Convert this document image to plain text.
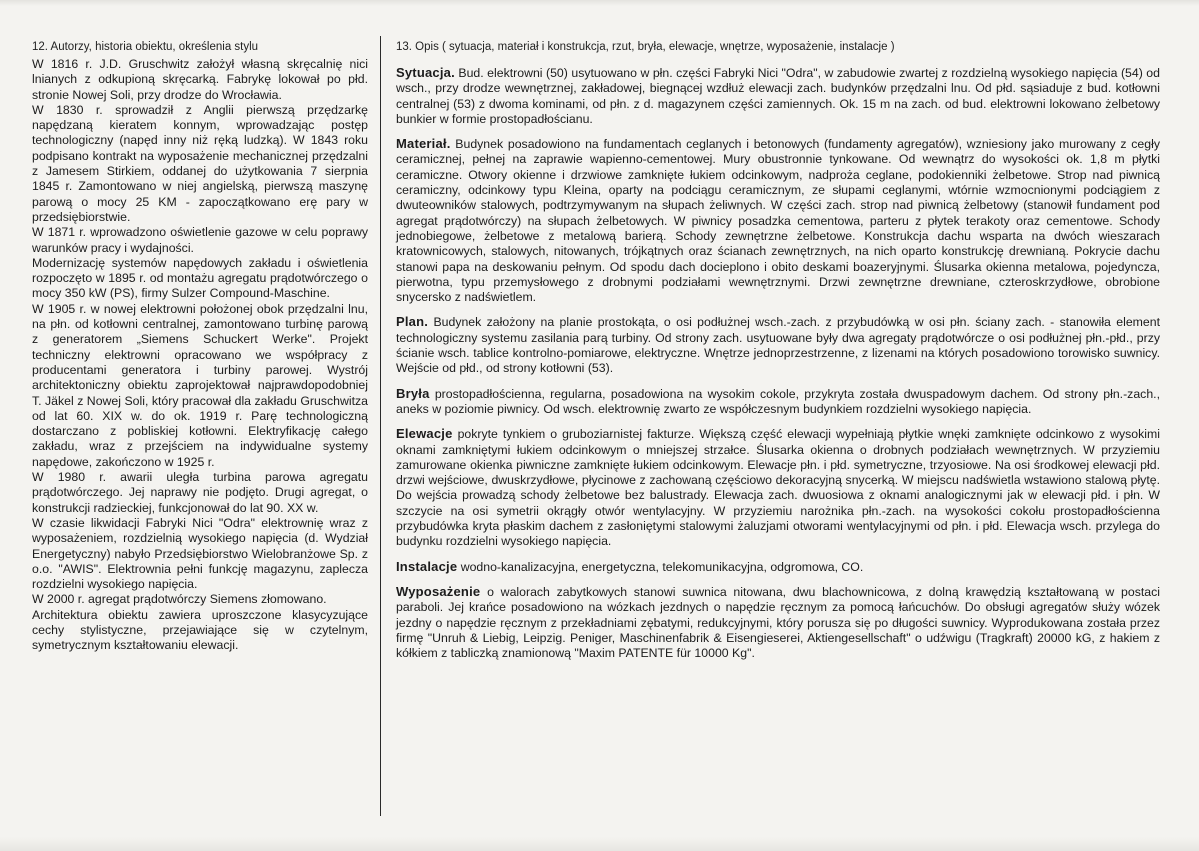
12. Autorzy, historia obiektu, określenia stylu

W 1816 r. J.D. Gruschwitz założył własną skręcalnię nici lnianych z odkupioną skręcarką. Fabrykę lokował po płd. stronie Nowej Soli, przy drodze do Wrocławia.

W 1830 r. sprowadził z Anglii pierwszą przędzarkę napędzaną kieratem konnym, wprowadzając postęp technologiczny (napęd inny niż ręką ludzką). W 1843 roku podpisano kontrakt na wyposażenie mechanicznej przędzalni z Jamesem Stirkiem, oddanej do użytkowania 7 sierpnia 1845 r. Zamontowano w niej angielską, pierwszą maszynę parową o mocy 25 KM - zapoczątkowano erę pary w przedsiębiorstwie.

W 1871 r. wprowadzono oświetlenie gazowe w celu poprawy warunków pracy i wydajności.

Modernizację systemów napędowych zakładu i oświetlenia rozpoczęto w 1895 r. od montażu agregatu prądotwórczego o mocy 350 kW (PS), firmy Sulzer Compound-Maschine.

W 1905 r. w nowej elektrowni położonej obok przędzalni lnu, na płn. od kotłowni centralnej, zamontowano turbinę parową z generatorem „Siemens Schuckert Werke". Projekt techniczny elektrowni opracowano we współpracy z producentami generatora i turbiny parowej. Wystrój architektoniczny obiektu zaprojektował najprawdopodobniej T. Jäkel z Nowej Soli, który pracował dla zakładu Gruschwitza od lat 60. XIX w. do ok. 1919 r. Parę technologiczną dostarczano z pobliskiej kotłowni. Elektryfikację całego zakładu, wraz z przejściem na indywidualne systemy napędowe, zakończono w 1925 r.

W 1980 r. awarii uległa turbina parowa agregatu prądotwórczego. Jej naprawy nie podjęto. Drugi agregat, o konstrukcji radzieckiej, funkcjonował do lat 90. XX w.

W czasie likwidacji Fabryki Nici "Odra" elektrownię wraz z wyposażeniem, rozdzielnią wysokiego napięcia (d. Wydział Energetyczny) nabyło Przedsiębiorstwo Wielobranżowe Sp. z o.o. "AWIS". Elektrownia pełni funkcję magazynu, zaplecza rozdzielni wysokiego napięcia.

W 2000 r. agregat prądotwórczy Siemens złomowano.

Architektura obiektu zawiera uproszczone klasycyzujące cechy stylistyczne, przejawiające się w czytelnym, symetrycznym kształtowaniu elewacji.

13. Opis ( sytuacja, materiał i konstrukcja, rzut, bryła, elewacje, wnętrze, wyposażenie, instalacje )

Sytuacja. Bud. elektrowni (50) usytuowano w płn. części Fabryki Nici "Odra", w zabudowie zwartej z rozdzielną wysokiego napięcia (54) od wsch., przy drodze wewnętrznej, zakładowej, biegnącej wzdłuż elewacji zach. budynków przędzalni lnu. Od płd. sąsiaduje z bud. kotłowni centralnej (53) z dwoma kominami, od płn. z d. magazynem części zamiennych. Ok. 15 m na zach. od bud. elektrowni lokowano żelbetowy bunkier w formie prostopadłościanu.

Materiał. Budynek posadowiono na fundamentach ceglanych i betonowych (fundamenty agregatów), wzniesiony jako murowany z cegły ceramicznej, pełnej na zaprawie wapienno-cementowej. Mury obustronnie tynkowane. Od wewnątrz do wysokości ok. 1,8 m płytki ceramiczne. Otwory okienne i drzwiowe zamknięte łukiem odcinkowym, nadproża ceglane, podokienniki żelbetowe. Strop nad piwnicą ceramiczny, odcinkowy typu Kleina, oparty na podciągu ceramicznym, ze słupami ceglanymi, wtórnie wzmocnionymi podciągiem z dwuteowników stalowych, podtrzymywanym na słupach żeliwnych. W części zach. strop nad piwnicą żelbetowy (stanowił fundament pod agregat prądotwórczy) na słupach żelbetowych. W piwnicy posadzka cementowa, parteru z płytek terakoty oraz cementowe. Schody jednobiegowe, żelbetowe z metalową barierą. Schody zewnętrzne żelbetowe. Konstrukcja dachu wsparta na dwóch wieszarach kratownicowych, stalowych, nitowanych, trójkątnych oraz ścianach zewnętrznych, na nich oparto konstrukcję drewnianą. Pokrycie dachu stanowi papa na deskowaniu pełnym. Od spodu dach docieplono i obito deskami boazeryjnymi. Ślusarka okienna metalowa, pojedyncza, pierwotna, typu przemysłowego z drobnymi podziałami wewnętrznymi. Drzwi zewnętrzne drewniane, czteroskrzydłowe, obrobione snycersko z nadświetlem.

Plan. Budynek założony na planie prostokąta, o osi podłużnej wsch.-zach. z przybudówką w osi płn. ściany zach. - stanowiła element technologiczny systemu zasilania parą turbiny. Od strony zach. usytuowane były dwa agregaty prądotwórcze o osi podłużnej płn.-płd., przy ścianie wsch. tablice kontrolno-pomiarowe, elektryczne. Wnętrze jednoprzestrzenne, z lizenami na których posadowiono torowisko suwnicy. Wejście od płd., od strony kotłowni (53).

Bryła prostopadłościenna, regularna, posadowiona na wysokim cokole, przykryta została dwuspadowym dachem. Od strony płn.-zach., aneks w poziomie piwnicy. Od wsch. elektrownię zwarto ze współczesnym budynkiem rozdzielni wysokiego napięcia.

Elewacje pokryte tynkiem o gruboziarnistej fakturze. Większą część elewacji wypełniają płytkie wnęki zamknięte odcinkowo z wysokimi oknami zamkniętymi łukiem odcinkowym o mniejszej strzałce. Ślusarka okienna o drobnych podziałach wewnętrznych. W przyziemiu zamurowane okienka piwniczne zamknięte łukiem odcinkowym. Elewacje płn. i płd. symetryczne, trzyosiowe. Na osi środkowej elewacji płd. drzwi wejściowe, dwuskrzydłowe, płycinowe z zachowaną częściowo dekoracyjną snycerką. W miejscu nadświetla wstawiono stalową płytę. Do wejścia prowadzą schody żelbetowe bez balustrady. Elewacja zach. dwuosiowa z oknami analogicznymi jak w elewacji płd. i płn. W szczycie na osi symetrii okrągły otwór wentylacyjny. W przyziemiu narożnika płn.-zach. na wysokości cokołu prostopadłościenna przybudówka kryta płaskim dachem z zasłoniętymi stalowymi żaluzjami otworami wentylacyjnymi od płn. i płd. Elewacja wsch. przylega do budynku rozdzielni wysokiego napięcia.

Instalacje wodno-kanalizacyjna, energetyczna, telekomunikacyjna, odgromowa, CO.

Wyposażenie o walorach zabytkowych stanowi suwnica nitowana, dwu blachownicowa, z dolną krawędzią kształtowaną w postaci paraboli. Jej krańce posadowiono na wózkach jezdnych o napędzie ręcznym za pomocą łańcuchów. Do obsługi agregatów służy wózek jezdny o napędzie ręcznym z przekładniami zębatymi, redukcyjnymi, który porusza się po długości suwnicy. Wyprodukowana została przez firmę "Unruh & Liebig, Leipzig. Peniger, Maschinenfabrik & Eisengieserei, Aktiengesellschaft" o udźwigu (Tragkraft) 20000 kG, z hakiem z kółkiem z tabliczką znamionową "Maxim PATENTE für 10000 Kg".
